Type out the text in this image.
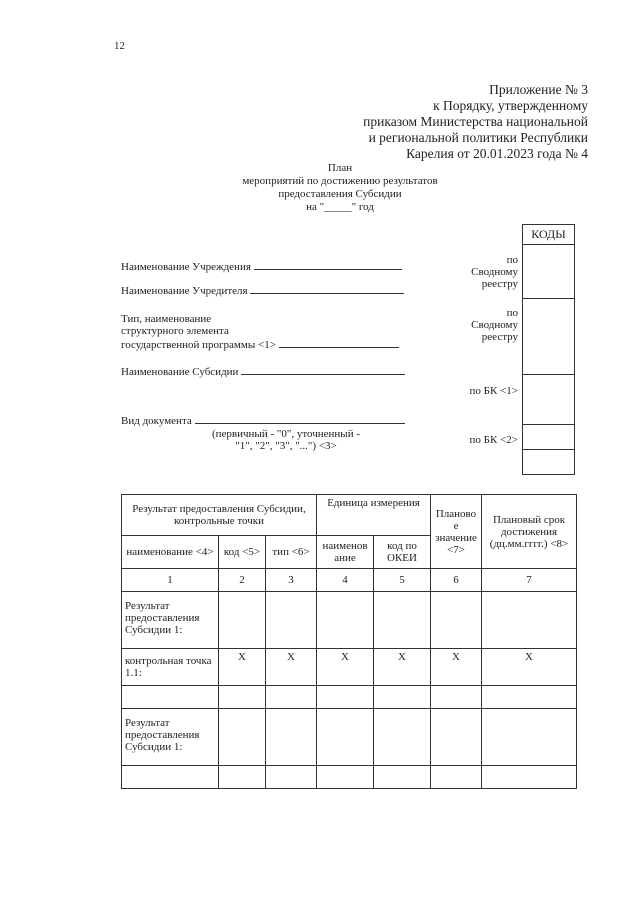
12
Приложение № 3
к Порядку, утвержденному
приказом Министерства национальной
и региональной политики Республики
Карелия от 20.01.2023 года № 4
План
мероприятий по достижению результатов
предоставления Субсидии
на "_____" год
Наименование Учреждения
Наименование Учредителя
Тип, наименование
структурного элемента
государственной программы <1>
Наименование Субсидии
Вид документа
(первичный - "0", уточненный -
"1", "2", "3", "...") <3>
по
Сводному
реестру
по
Сводному
реестру
по БК <1>
по БК <2>
КОДЫ

Результат предоставления Субсидии, контрольные точки			Единица измерения		Планово е значение <7>	Плановый срок достижения (дц.мм.гггг.) <8>
наименование <4>	код <5>	тип <6>	наименов ание	код по ОКЕИ		
1	2	3	4	5	6	7
Результат предоставления Субсидии 1:						
контрольная точка 1.1:	X	X	X	X	X	X

Результат предоставления Субсидии 1:						
